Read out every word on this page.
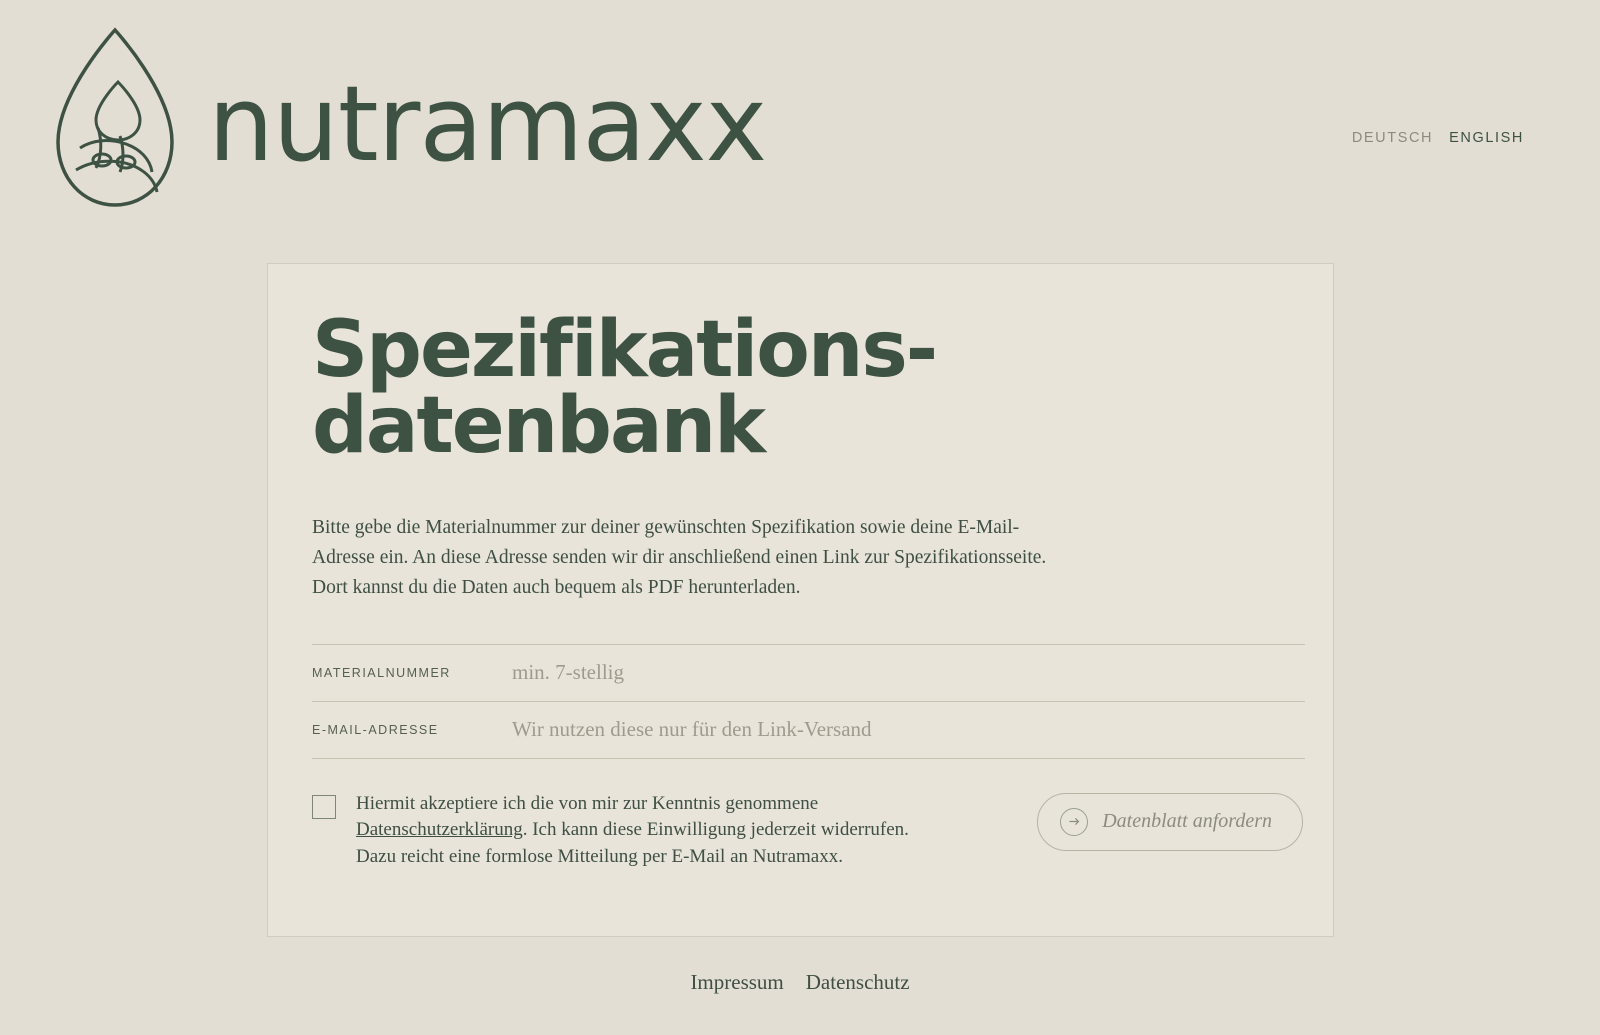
nutramaxx	DEUTSCH ENGLISH
Spezifikations-datenbank

Bitte gebe die Materialnummer zur deiner gewünschten Spezifikation sowie deine E-Mail-Adresse ein. An diese Adresse senden wir dir anschließend einen Link zur Spezifikationsseite. Dort kannst du die Daten auch bequem als PDF herunterladen.

MATERIALNUMMER
min. 7-stellig
E-MAIL-ADRESSE
Wir nutzen diese nur für den Link-Versand
Hiermit akzeptiere ich die von mir zur Kenntnis genommene Datenschutzerklärung. Ich kann diese Einwilligung jederzeit widerrufen. Dazu reicht eine formlose Mitteilung per E-Mail an Nutramaxx.
Datenblatt anfordern
Impressum Datenschutz
